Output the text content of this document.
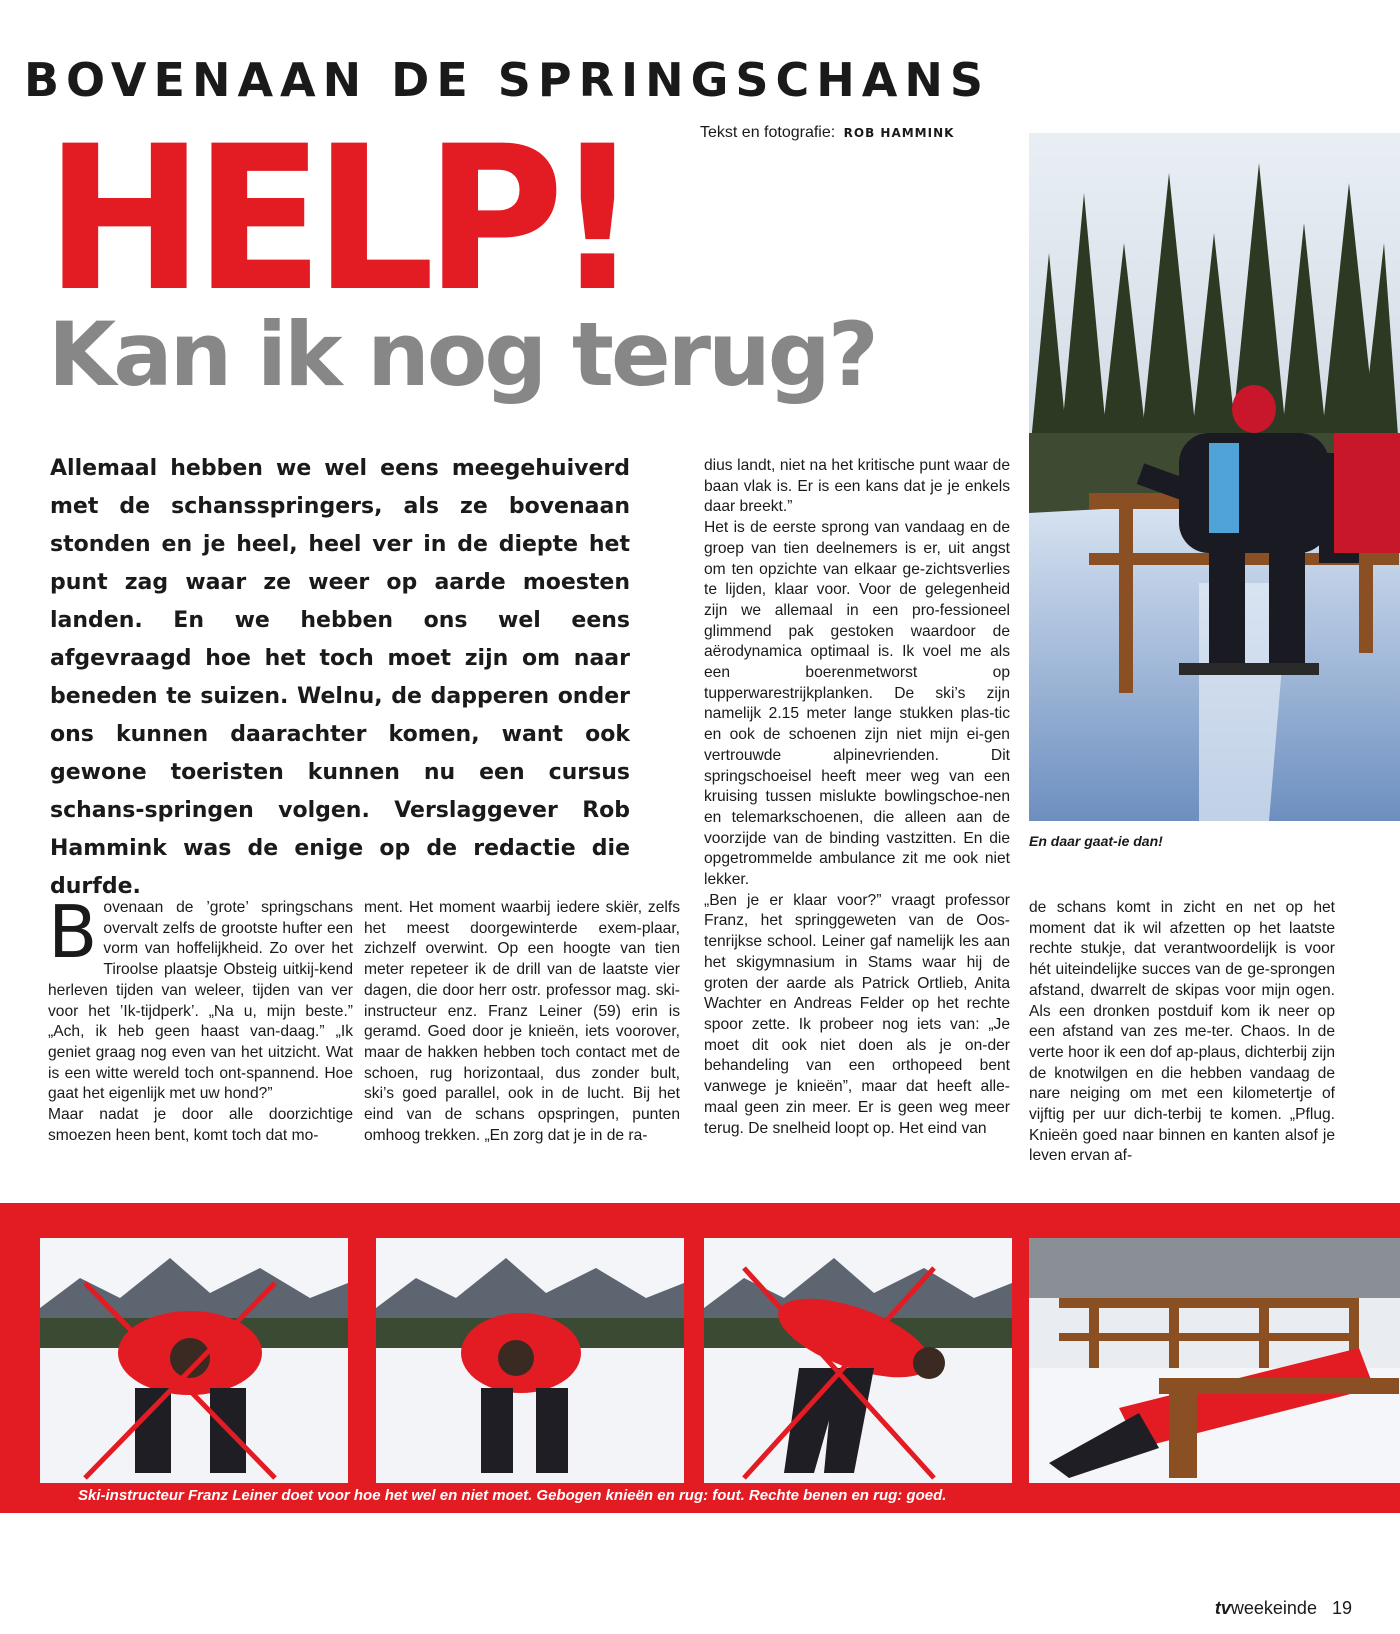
BOVENAAN DE SPRINGSCHANS
Tekst en fotografie: ROB HAMMINK
HELP!
Kan ik nog terug?

Allemaal hebben we wel eens meegehuiverd met de schansspringers, als ze bovenaan stonden en je heel, heel ver in de diepte het punt zag waar ze weer op aarde moesten landen. En we hebben ons wel eens afgevraagd hoe het toch moet zijn om naar beneden te suizen. Welnu, de dapperen onder ons kunnen daarachter komen, want ook gewone toeristen kunnen nu een cursus schans-springen volgen. Verslaggever Rob Hammink was de enige op de redactie die durfde.

B ovenaan de ’grote’ springschans overvalt zelfs de grootste hufter een vorm van hoffelijkheid. Zo over het Tiroolse plaatsje Obsteig uitkij-kend herleven tijden van weleer, tijden van ver voor het ’Ik-tijdperk’. „Na u, mijn beste.” „Ach, ik heb geen haast van-daag.” „Ik geniet graag nog even van het uitzicht. Wat is een witte wereld toch ont-spannend. Hoe gaat het eigenlijk met uw hond?”

Maar nadat je door alle doorzichtige smoezen heen bent, komt toch dat mo-

ment. Het moment waarbij iedere skiër, zelfs het meest doorgewinterde exem-plaar, zichzelf overwint. Op een hoogte van tien meter repeteer ik de drill van de laatste vier dagen, die door herr ostr. professor mag. ski-instructeur enz. Franz Leiner (59) erin is geramd. Goed door je knieën, iets voorover, maar de hakken hebben toch contact met de schoen, rug horizontaal, dus zonder bult, ski’s goed parallel, ook in de lucht. Bij het eind van de schans opspringen, punten omhoog trekken. „En zorg dat je in de ra-

dius landt, niet na het kritische punt waar de baan vlak is. Er is een kans dat je je enkels daar breekt.”

Het is de eerste sprong van vandaag en de groep van tien deelnemers is er, uit angst om ten opzichte van elkaar ge-zichtsverlies te lijden, klaar voor. Voor de gelegenheid zijn we allemaal in een pro-fessioneel glimmend pak gestoken waardoor de aërodynamica optimaal is. Ik voel me als een boerenmetworst op tupperwarestrijkplanken. De ski’s zijn namelijk 2.15 meter lange stukken plas-tic en ook de schoenen zijn niet mijn ei-gen vertrouwde alpinevrienden. Dit springschoeisel heeft meer weg van een kruising tussen mislukte bowlingschoe-nen en telemarkschoenen, die alleen aan de voorzijde van de binding vastzitten. En die opgetrommelde ambulance zit me ook niet lekker.

„Ben je er klaar voor?” vraagt professor Franz, het springgeweten van de Oos-tenrijkse school. Leiner gaf namelijk les aan het skigymnasium in Stams waar hij de groten der aarde als Patrick Ortlieb, Anita Wachter en Andreas Felder op het rechte spoor zette. Ik probeer nog iets van: „Je moet dit ook niet doen als je on-der behandeling van een orthopeed bent vanwege je knieën”, maar dat heeft alle-maal geen zin meer. Er is geen weg meer terug. De snelheid loopt op. Het eind van

de schans komt in zicht en net op het moment dat ik wil afzetten op het laatste rechte stukje, dat verantwoordelijk is voor hét uiteindelijke succes van de ge-sprongen afstand, dwarrelt de skipas voor mijn ogen. Als een dronken postduif kom ik neer op een afstand van zes me-ter. Chaos. In de verte hoor ik een dof ap-plaus, dichterbij zijn de knotwilgen en die hebben vandaag de nare neiging om met een kilometertje of vijftig per uur dich-terbij te komen. „Pflug. Knieën goed naar binnen en kanten alsof je leven ervan af-

En daar gaat-ie dan!
Ski-instructeur Franz Leiner doet voor hoe het wel en niet moet. Gebogen knieën en rug: fout. Rechte benen en rug: goed.
tvweekeinde 19
